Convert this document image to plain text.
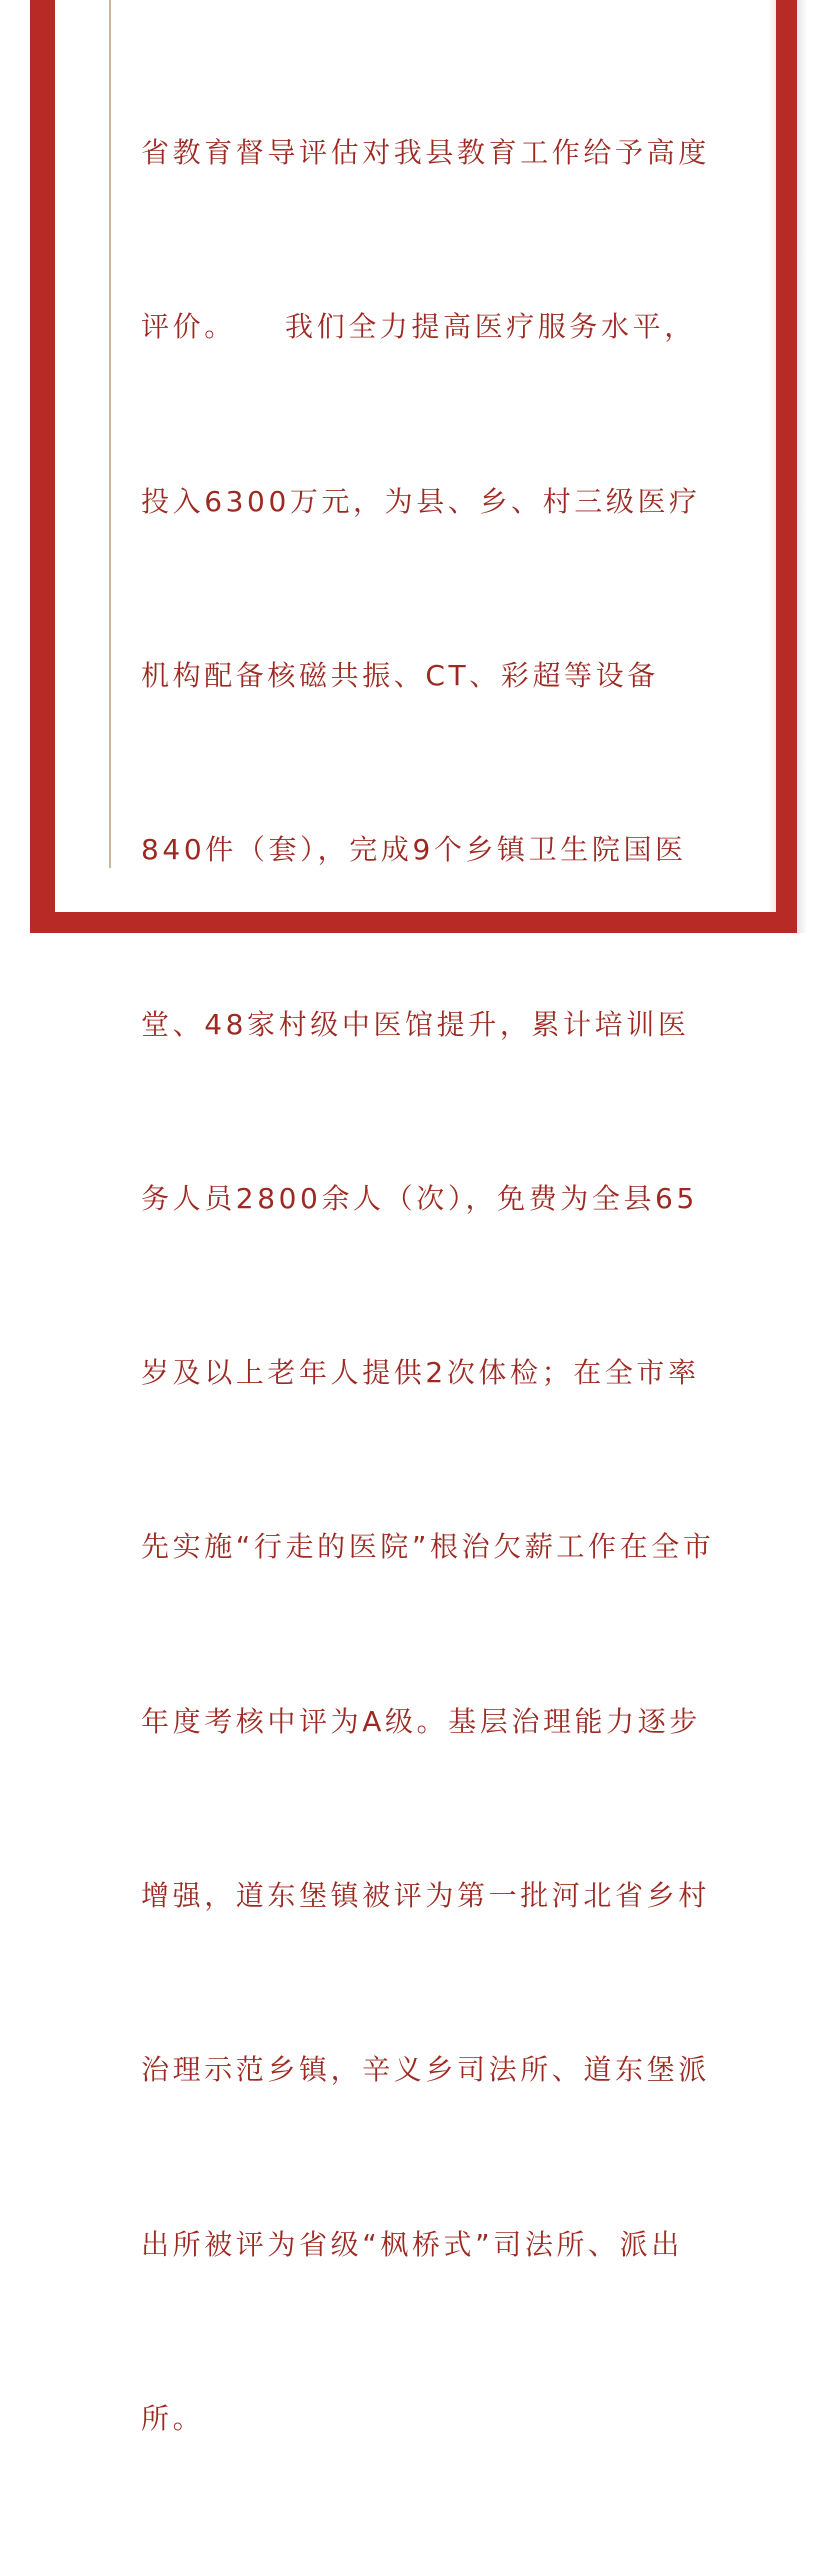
省教育督导评估对我县教育工作给予高度

评价。　　我们全力提高医疗服务水平，

投入6300万元，为县、乡、村三级医疗

机构配备核磁共振、CT、彩超等设备

840件（套），完成9个乡镇卫生院国医

堂、48家村级中医馆提升，累计培训医

务人员2800余人（次），免费为全县65

岁及以上老年人提供2次体检；在全市率

先实施“行走的医院”根治欠薪工作在全市

年度考核中评为A级。基层治理能力逐步

增强，道东堡镇被评为第一批河北省乡村

治理示范乡镇，辛义乡司法所、道东堡派

出所被评为省级“枫桥式”司法所、派出

所。
